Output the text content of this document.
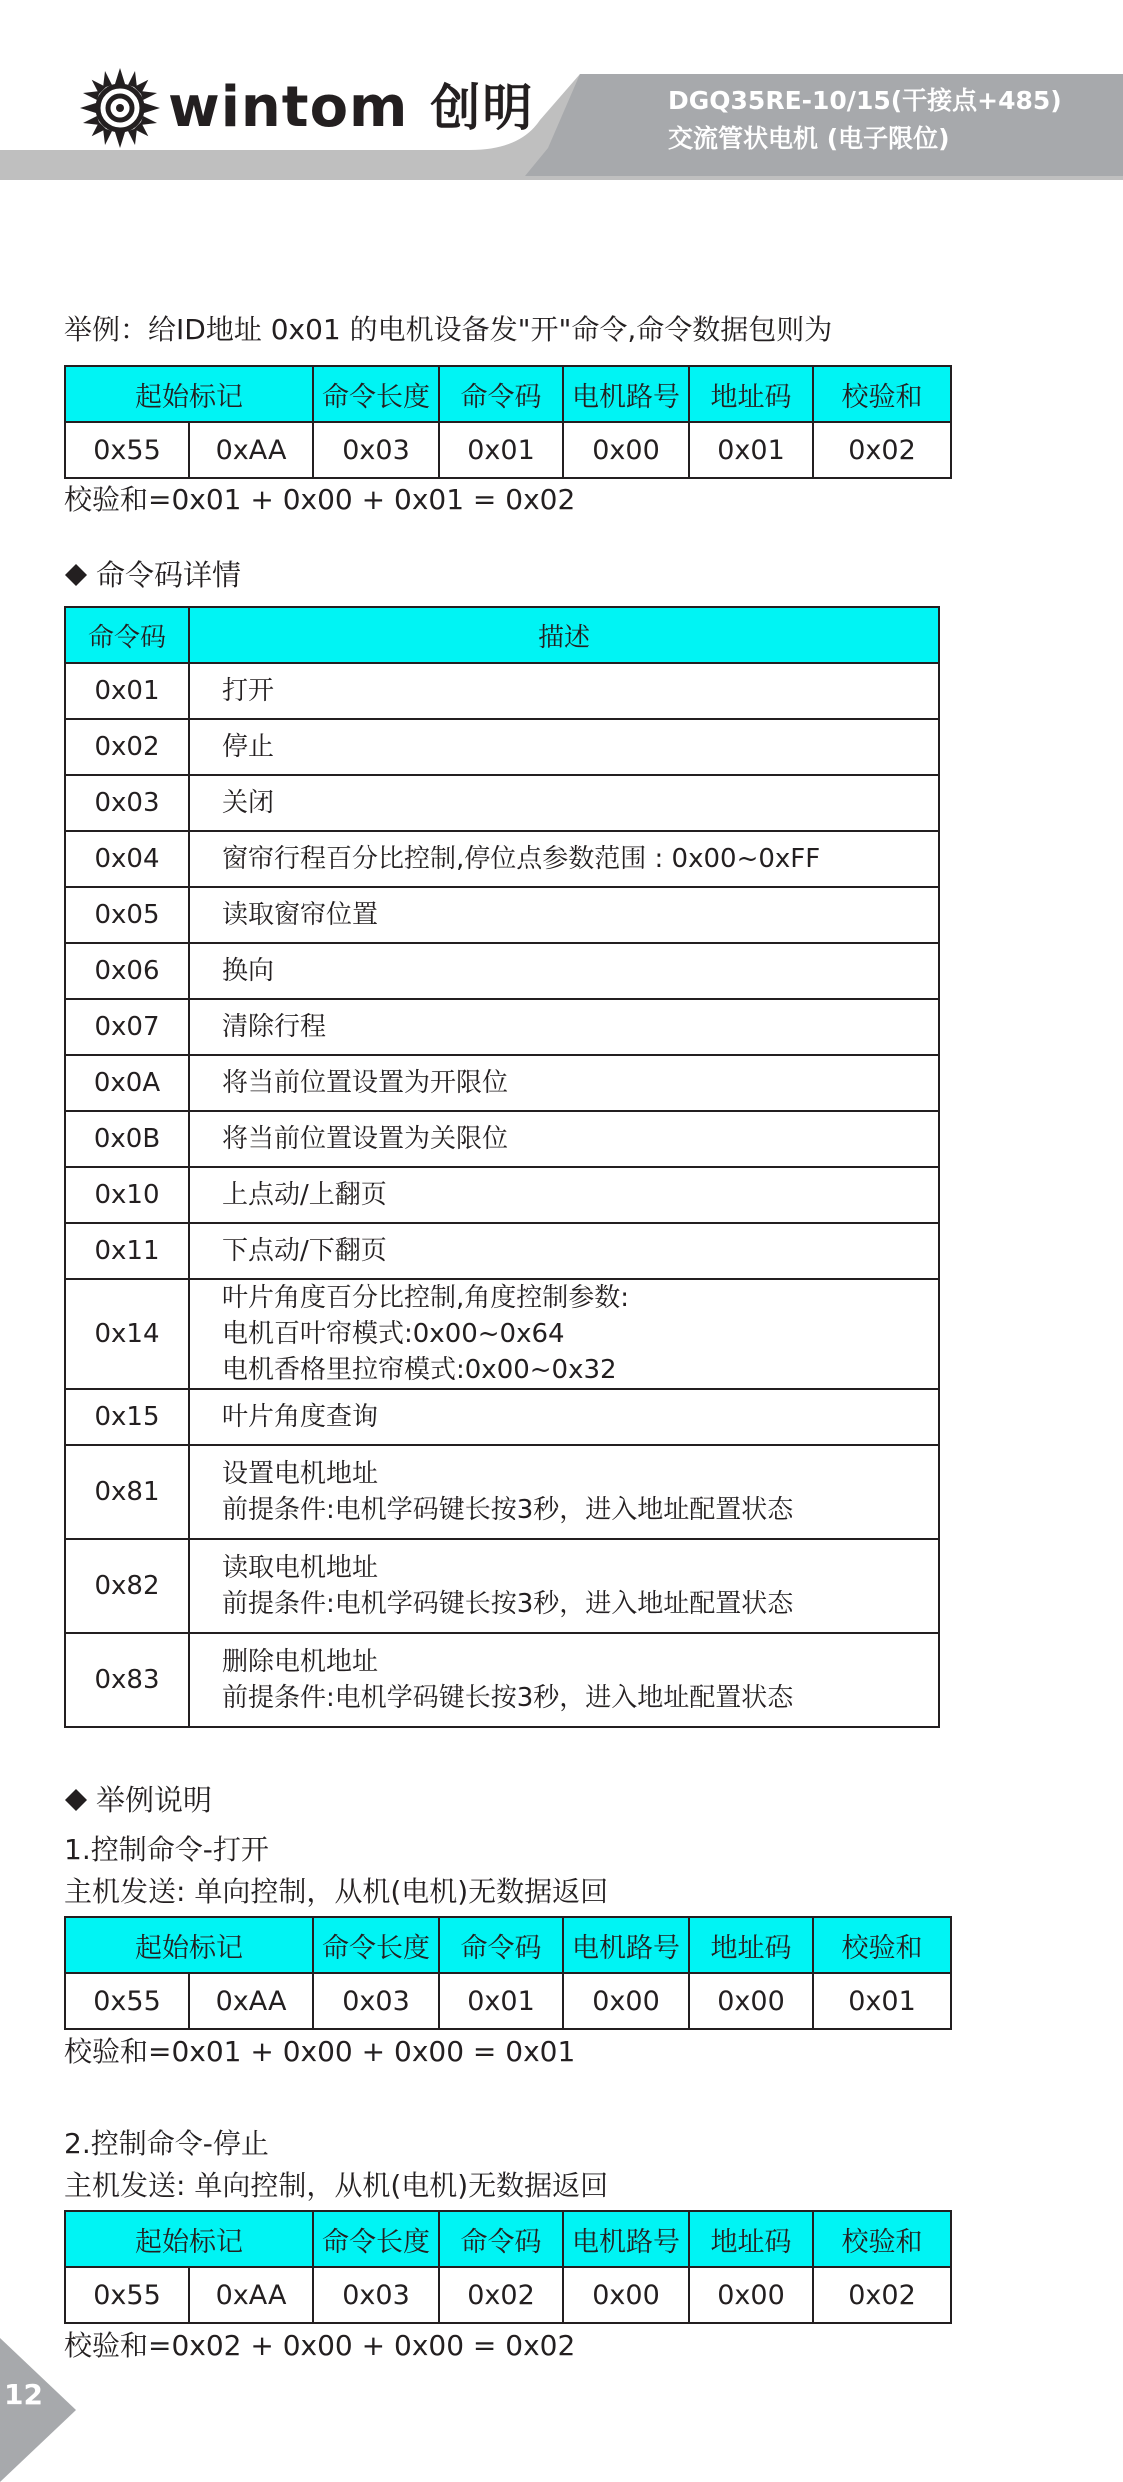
wintom 创明	DGQ35RE-10/15(干接点+485)
交流管状电机 (电子限位)
举例：给ID地址 0x01 的电机设备发"开"命令,命令数据包则为
起始标记		命令长度	命令码	电机路号	地址码	校验和
0x55	0xAA	0x03	0x01	0x00	0x01	0x02
校验和=0x01 + 0x00 + 0x01 = 0x02
命令码详情
命令码	描述
0x01	打开

0x02	停止

0x03	关闭

0x04	窗帘行程百分比控制,停位点参数范围 : 0x00~0xFF

0x05	读取窗帘位置

0x06	换向

0x07	清除行程

0x0A	将当前位置设置为开限位

0x0B	将当前位置设置为关限位

0x10	上点动/上翻页

0x11	下点动/下翻页

0x14	叶片角度百分比控制,角度控制参数:
电机百叶帘模式:0x00~0x64
电机香格里拉帘模式:0x00~0x32

0x15	叶片角度查询

0x81	设置电机地址
前提条件:电机学码键长按3秒，进入地址配置状态

0x82	读取电机地址
前提条件:电机学码键长按3秒，进入地址配置状态

0x83	删除电机地址
前提条件:电机学码键长按3秒，进入地址配置状态
举例说明
1.控制命令-打开
主机发送: 单向控制，从机(电机)无数据返回
起始标记		命令长度	命令码	电机路号	地址码	校验和
0x55	0xAA	0x03	0x01	0x00	0x00	0x01
校验和=0x01 + 0x00 + 0x00 = 0x01
2.控制命令-停止
主机发送: 单向控制，从机(电机)无数据返回
起始标记		命令长度	命令码	电机路号	地址码	校验和
0x55	0xAA	0x03	0x02	0x00	0x00	0x02
校验和=0x02 + 0x00 + 0x00 = 0x02
12
